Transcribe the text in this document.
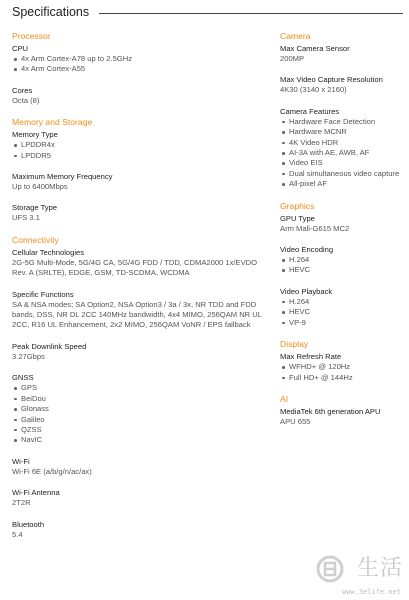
Specifications
Processor
CPU
4x Arm Cortex-A78 up to 2.5GHz
4x Arm Cortex-A55
Cores
Octa (8)
Memory and Storage
Memory Type
LPDDR4x
LPDDR5
Maximum Memory Frequency
Up to 6400Mbps
Storage Type
UFS 3.1
Connectivity
Cellular Technologies
2G-5G Multi-Mode, 5G/4G CA, 5G/4G FDD / TDD, CDMA2000 1x/EVDO Rev. A (SRLTE), EDGE, GSM, TD-SCDMA, WCDMA
Specific Functions
SA & NSA modes; SA Option2, NSA Option3 / 3a / 3x, NR TDD and FDD bands, DSS, NR DL 2CC 140MHz bandwidth, 4x4 MIMO, 256QAM NR UL 2CC, R16 UL Enhancement, 2x2 MIMO, 256QAM VoNR / EPS fallback
Peak Downlink Speed
3.27Gbps
GNSS
GPS
BeiDou
Glonass
Galileo
QZSS
NavIC
Wi-Fi
Wi-Fi 6E (a/b/g/n/ac/ax)
Wi-Fi Antenna
2T2R
Bluetooth
5.4
Camera
Max Camera Sensor
200MP
Max Video Capture Resolution
4K30 (3140 x 2160)
Camera Features
Hardware Face Detection
Hardware MCNR
4K Video HDR
AI-3A with AE, AWB, AF
Video EIS
Dual simultaneous video capture
All-pixel AF
Graphics
GPU Type
Arm Mali-G615 MC2
Video Encoding
H.264
HEVC
Video Playback
H.264
HEVC
VP-9
Display
Max Refresh Rate
WFHD+ @ 120Hz
Full HD+ @ 144Hz
AI
MediaTek 6th generation APU
APU 655
生活
www.3elife.net
